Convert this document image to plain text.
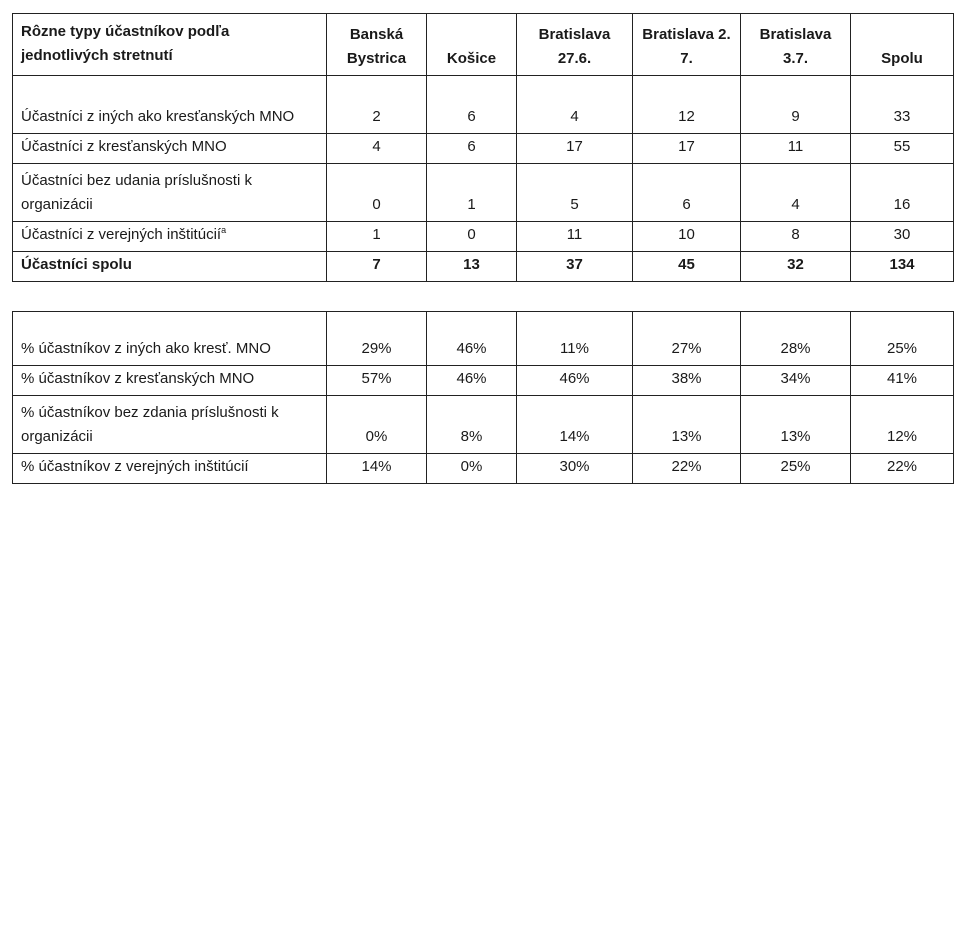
Rôzne typy účastníkov podľa jednotlivých stretnutí	Banská Bystrica	Košice	Bratislava 27.6.	Bratislava 2. 7.	Bratislava 3.7.	Spolu
Účastníci z iných ako kresťanských MNO	2	6	4	12	9	33
Účastníci z kresťanských MNO	4	6	17	17	11	55
Účastníci bez udania príslušnosti k organizácii	0	1	5	6	4	16
Účastníci z verejných inštitúcií$^a$	1	0	11	10	8	30
Účastníci spolu	7	13	37	45	32	134
% účastníkov z iných ako kresť. MNO	29%	46%	11%	27%	28%	25%
% účastníkov z kresťanských MNO	57%	46%	46%	38%	34%	41%
% účastníkov bez zdania príslušnosti k organizácii	0%	8%	14%	13%	13%	12%
% účastníkov z verejných inštitúcií	14%	0%	30%	22%	25%	22%
